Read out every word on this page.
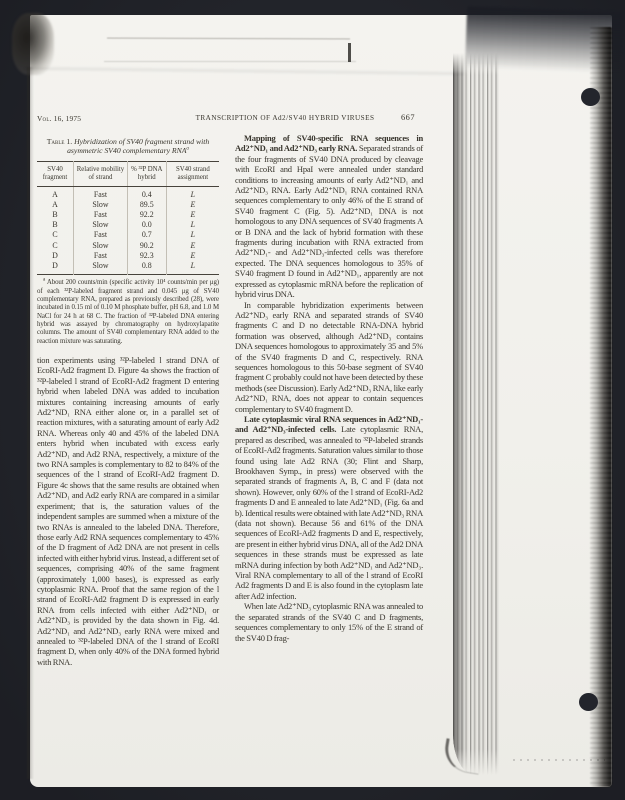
Vol. 16, 1975	TRANSCRIPTION OF Ad2/SV40 HYBRID VIRUSES	667
Table 1. Hybridization of SV40 fragment strand with asymmetric SV40 complementary RNA$^a$
SV40 fragment	Relative mobility of strand	% ³²P DNA hybrid	SV40 strand assignment
A	Fast	0.4	L
A	Slow	89.5	E
B	Fast	92.2	E
B	Slow	0.0	L
C	Fast	0.7	L
C	Slow	90.2	E
D	Fast	92.3	E
D	Slow	0.8	L
$^a$ About 200 counts/min (specific activity 10⁴ counts/min per μg) of each ³²P-labeled fragment strand and 0.045 μg of SV40 complementary RNA, prepared as previously described (28), were incubated in 0.15 ml of 0.10 M phosphate buffer, pH 6.8, and 1.0 M NaCl for 24 h at 68 C. The fraction of ³²P-labeled DNA entering hybrid was assayed by chromatography on hydroxylapatite columns. The amount of SV40 complementary RNA added to the reaction mixture was saturating.

tion experiments using ³²P-labeled l strand DNA of EcoRI-Ad2 fragment D. Figure 4a shows the fraction of ³²P-labeled l strand of EcoRI-Ad2 fragment D entering hybrid when labeled DNA was added to incubation mixtures containing increasing amounts of early Ad2⁺ND₁ RNA either alone or, in a parallel set of reaction mixtures, with a saturating amount of early Ad2 RNA. Whereas only 40 and 45% of the labeled DNA enters hybrid when incubated with excess early Ad2⁺ND₁ and Ad2 RNA, respectively, a mixture of the two RNA samples is complementary to 82 to 84% of the sequences of the l strand of EcoRI-Ad2 fragment D. Figure 4c shows that the same results are obtained when Ad2⁺ND₁ and Ad2 early RNA are compared in a similar experiment; that is, the saturation values of the independent samples are summed when a mixture of the two RNAs is annealed to the labeled DNA. Therefore, those early Ad2 RNA sequences complementary to 45% of the D fragment of Ad2 DNA are not present in cells infected with either hybrid virus. Instead, a different set of sequences, comprising 40% of the same fragment (approximately 1,000 bases), is expressed as early cytoplasmic RNA. Proof that the same region of the l strand of EcoRI-Ad2 fragment D is expressed in early RNA from cells infected with either Ad2⁺ND₁ or Ad2⁺ND₃ is provided by the data shown in Fig. 4d. Ad2⁺ND₁ and Ad2⁺ND₃ early RNA were mixed and annealed to ³²P-labeled DNA of the l strand of EcoRI fragment D, when only 40% of the DNA formed hybrid with RNA.

Mapping of SV40-specific RNA sequences in Ad2⁺ND₁ and Ad2⁺ND₃ early RNA. Separated strands of the four fragments of SV40 DNA produced by cleavage with EcoRI and HpaI were annealed under standard conditions to increasing amounts of early Ad2⁺ND₁ and Ad2⁺ND₃ RNA. Early Ad2⁺ND₁ RNA contained RNA sequences complementary to only 46% of the E strand of SV40 fragment C (Fig. 5). Ad2⁺ND₁ DNA is not homologous to any DNA sequences of SV40 fragments A or B DNA and the lack of hybrid formation with these fragments during incubation with RNA extracted from Ad2⁺ND₁- and Ad2⁺ND₃-infected cells was therefore expected. The DNA sequences homologous to 35% of SV40 fragment D found in Ad2⁺ND₁, apparently are not expressed as cytoplasmic mRNA before the replication of hybrid virus DNA.

In comparable hybridization experiments between Ad2⁺ND₃ early RNA and separated strands of SV40 fragments C and D no detectable RNA-DNA hybrid formation was observed, although Ad2⁺ND₃ contains DNA sequences homologous to approximately 35 and 5% of the SV40 fragments D and C, respectively. RNA sequences homologous to this 50-base segment of SV40 fragment C probably could not have been detected by these methods (see Discussion). Early Ad2⁺ND₃ RNA, like early Ad2⁺ND₁ RNA, does not appear to contain sequences complementary to SV40 fragment D.

Late cytoplasmic viral RNA sequences in Ad2⁺ND₁- and Ad2⁺ND₃-infected cells. Late cytoplasmic RNA, prepared as described, was annealed to ³²P-labeled strands of EcoRI-Ad2 fragments. Saturation values similar to those found using late Ad2 RNA (30; Flint and Sharp, Brookhaven Symp., in press) were observed with the separated strands of fragments A, B, C and F (data not shown). However, only 60% of the l strand of EcoRI-Ad2 fragments D and E annealed to late Ad2⁺ND₁ (Fig. 6a and b). Identical results were obtained with late Ad2⁺ND₃ RNA (data not shown). Because 56 and 61% of the DNA sequences of EcoRI-Ad2 fragments D and E, respectively, are present in either hybrid virus DNA, all of the Ad2 DNA sequences in these strands must be expressed as late mRNA during infection by both Ad2⁺ND₁ and Ad2⁺ND₃. Viral RNA complementary to all of the l strand of EcoRI Ad2 fragments D and E is also found in the cytoplasm late after Ad2 infection.

When late Ad2⁺ND₃ cytoplasmic RNA was annealed to the separated strands of the SV40 C and D fragments, sequences complementary to only 15% of the E strand of the SV40 D frag-
